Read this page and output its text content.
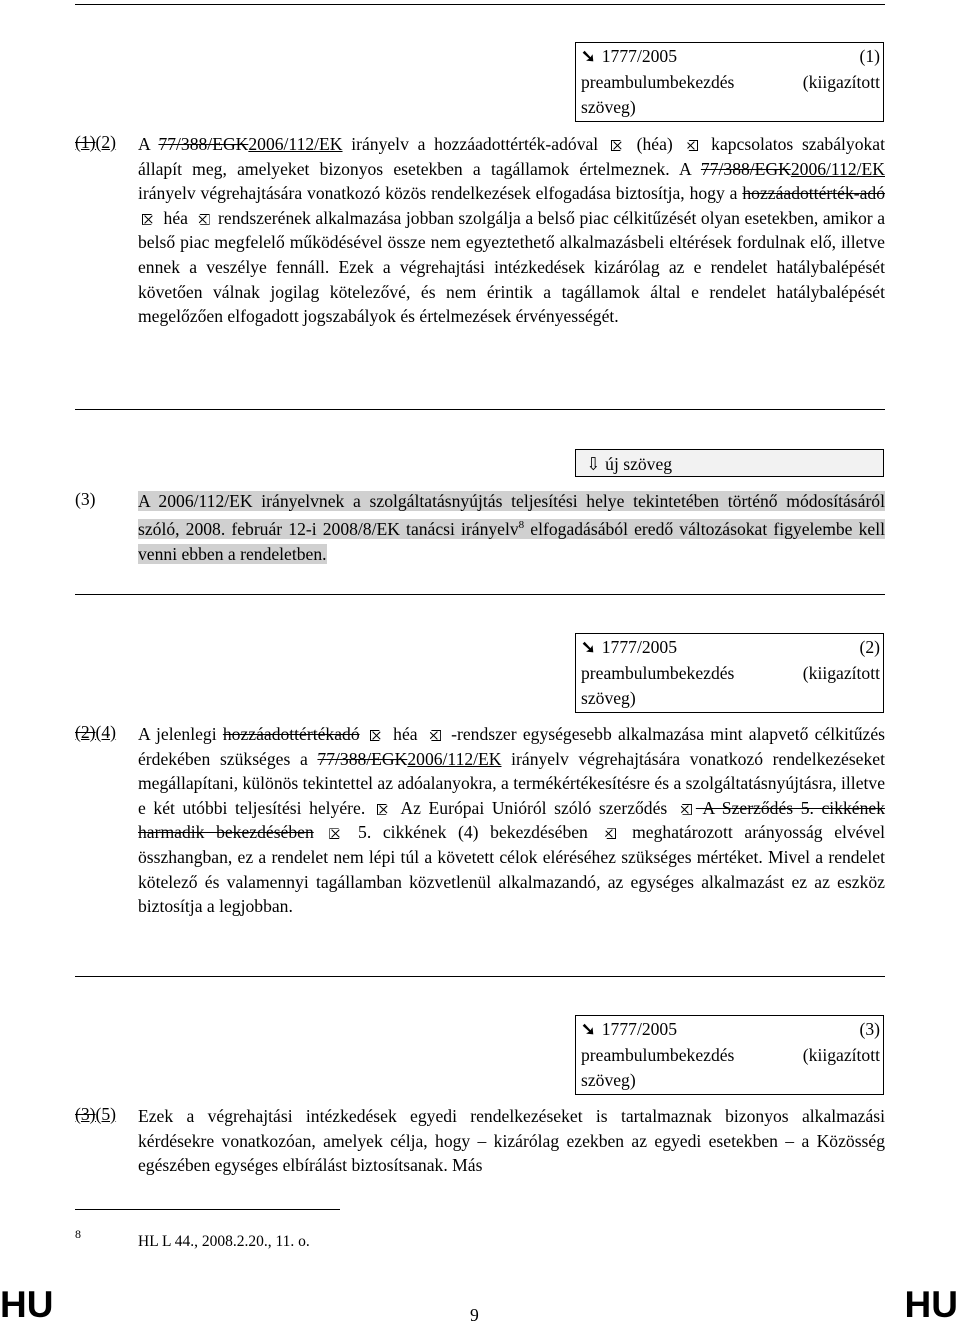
➘ 1777/2005	(1)
preambulumbekezdés	(kiigazított
szöveg)
(1)(2)	A 77/388/EGK2006/112/EK irányelv a hozzáadottérték-adóval  (héa)  kapcsolatos szabályokat állapít meg, amelyeket bizonyos esetekben a tagállamok értelmeznek. A 77/388/EGK2006/112/EK irányelv végrehajtására vonatkozó közös rendelkezések elfogadása biztosítja, hogy a hozzáadottérték-adó  héa  rendszerének alkalmazása jobban szolgálja a belső piac célkitűzését olyan esetekben, amikor a belső piac megfelelő működésével össze nem egyeztethető alkalmazásbeli eltérések fordulnak elő, illetve ennek a veszélye fennáll. Ezek a végrehajtási intézkedések kizárólag az e rendelet hatálybalépését követően válnak jogilag kötelezővé, és nem érintik a tagállamok által e rendelet hatálybalépését megelőzően elfogadott jogszabályok és értelmezések érvényességét.
⇩ új szöveg
(3)	A 2006/112/EK irányelvnek a szolgáltatásnyújtás teljesítési helye tekintetében történő módosításáról szóló, 2008. február 12-i 2008/8/EK tanácsi irányelv$^8$ elfogadásából eredő változásokat figyelembe kell venni ebben a rendeletben.
➘ 1777/2005	(2)
preambulumbekezdés	(kiigazított
szöveg)
(2)(4)	A jelenlegi hozzáadottértékadó  héa  -rendszer egységesebb alkalmazása mint alapvető célkitűzés érdekében szükséges a 77/388/EGK2006/112/EK irányelv végrehajtására vonatkozó rendelkezéseket megállapítani, különös tekintettel az adóalanyokra, a termékértékesítésre és a szolgáltatásnyújtásra, illetve e két utóbbi teljesítési helyére.  Az Európai Unióról szóló szerződés  A Szerződés 5. cikkének harmadik bekezdésében  5. cikkének (4) bekezdésében  meghatározott arányosság elvével összhangban, ez a rendelet nem lépi túl a követett célok eléréséhez szükséges mértéket. Mivel a rendelet kötelező és valamennyi tagállamban közvetlenül alkalmazandó, az egységes alkalmazást ez az eszköz biztosítja a legjobban.
➘ 1777/2005	(3)
preambulumbekezdés	(kiigazított
szöveg)
(3)(5)	Ezek a végrehajtási intézkedések egyedi rendelkezéseket is tartalmaznak bizonyos alkalmazási kérdésekre vonatkozóan, amelyek célja, hogy – kizárólag ezekben az egyedi esetekben – a Közösség egészében egységes elbírálást biztosítsanak. Más
8	HL L 44., 2008.2.20., 11. o.
HU	9	HU
